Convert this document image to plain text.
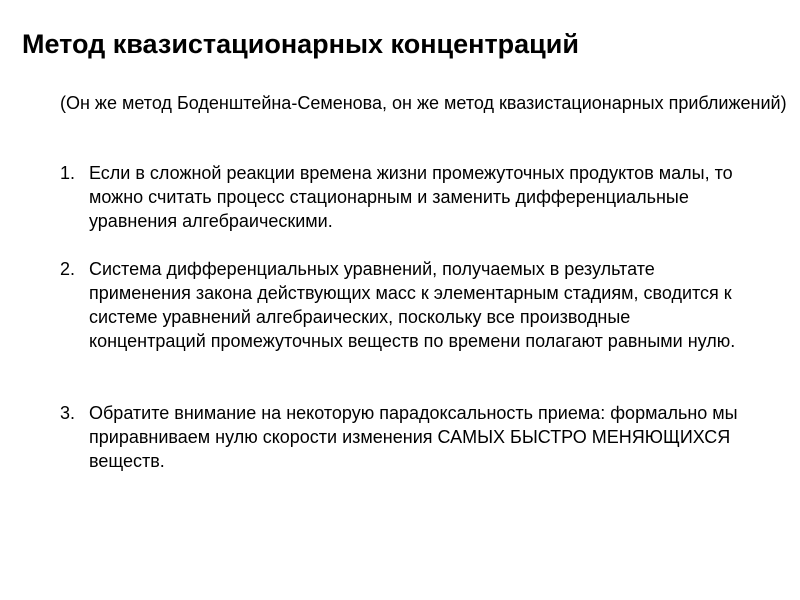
Метод квазистационарных концентраций

(Он же метод Боденштейна-Семенова, он же метод квазистационарных приближений)

1. Если в сложной реакции времена жизни промежуточных продуктов малы, то можно считать процесс стационарным и заменить дифференциальные уравнения алгебраическими.

2. Система дифференциальных уравнений, получаемых в результате применения закона действующих масс к элементарным стадиям, сводится к системе уравнений алгебраических, поскольку все производные концентраций промежуточных веществ по времени полагают равными нулю.

3. Обратите внимание на некоторую парадоксальность приема: формально мы приравниваем нулю скорости изменения САМЫХ БЫСТРО МЕНЯЮЩИХСЯ веществ.
